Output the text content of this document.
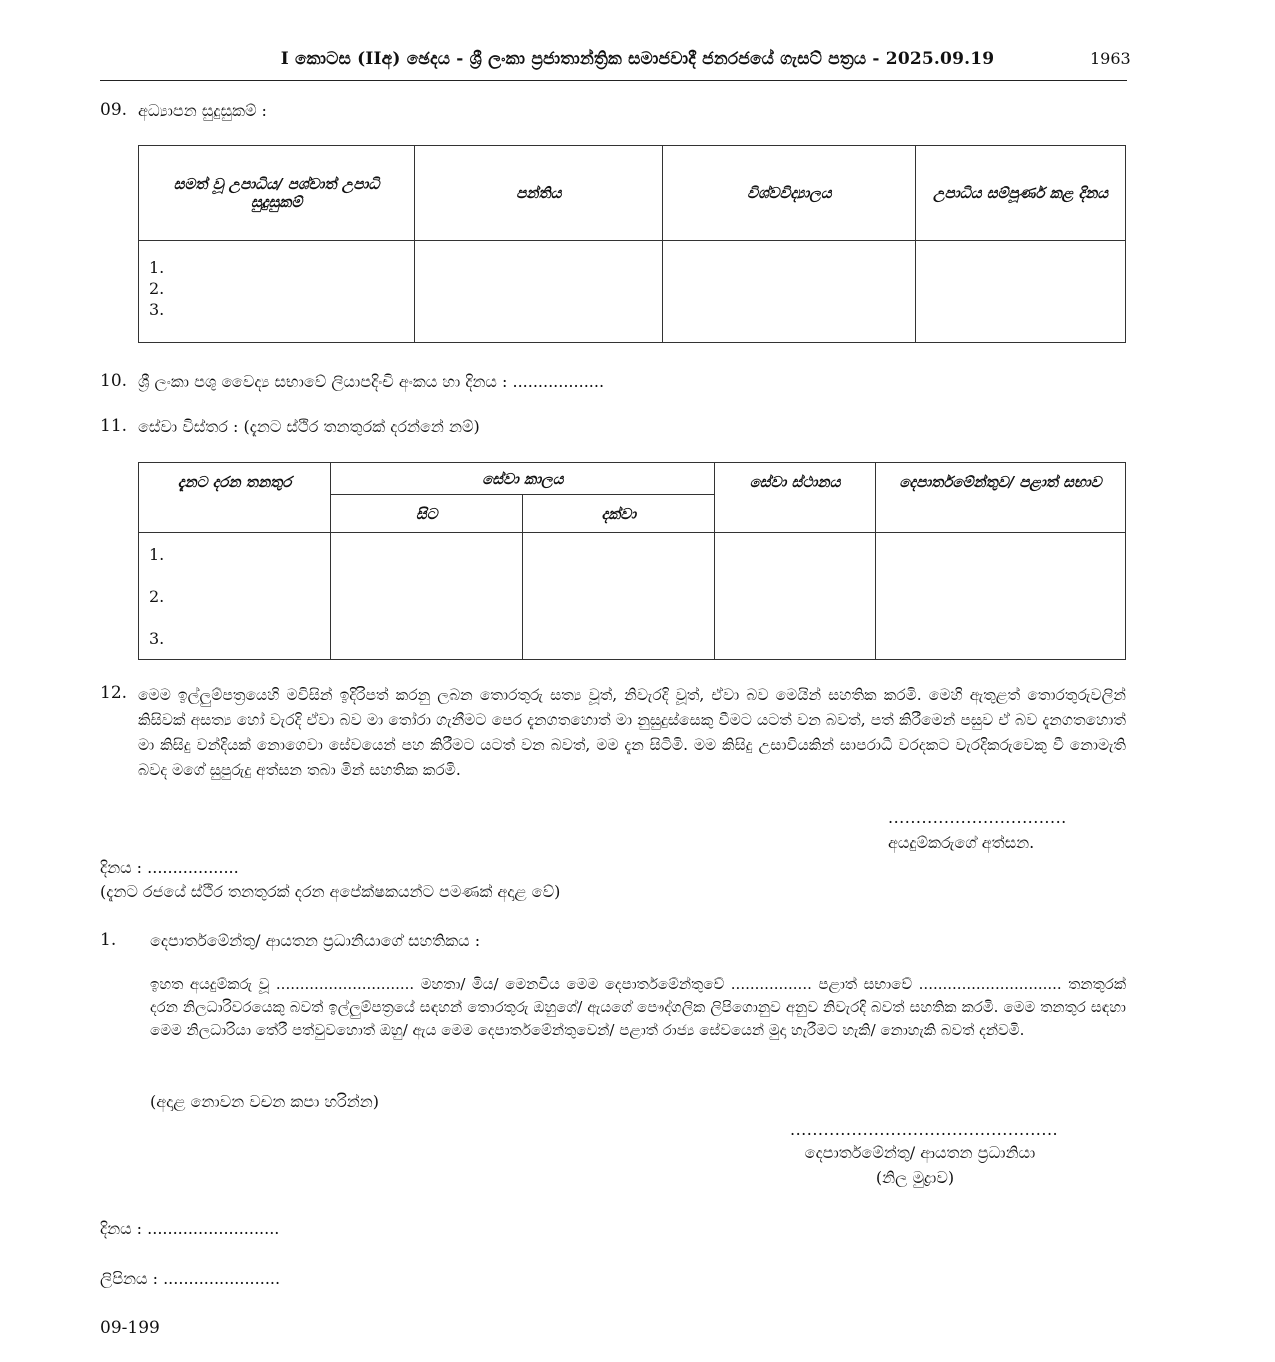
I කොටස (IIඅ) ඡෙදය - ශ්‍රී ලංකා ප්‍රජාතාන්ත්‍රික සමාජවාදී ජනරජයේ ගැසට් පත්‍රය - 2025.09.19	1963
09. අධ්‍යාපන සුදුසුකම් :
සමත් වූ උපාධිය/ පශ්චාත් උපාධි සුදුසුකම්	පන්තිය	විශ්වවිද්‍යාලය	උපාධිය සම්පූර්ණ කළ දිනය

1.
2.
3.			

10. ශ්‍රී ලංකා පශු වෛද්‍ය සභාවේ ලියාපදිංචි අංකය හා දිනය : ..................
11. සේවා විස්තර : (දැනට ස්ථිර තනතුරක් දරන්නේ නම්)
දැනට දරන තනතුර	සේවා කාලය		සේවා ස්ථානය	දෙපාර්තමේන්තුව/ පළාත් සභාව
	සිට	දක්වා		

1.
2.
3.				

12. මෙම ඉල්ලුම්පත්‍රයෙහි මවිසින් ඉදිරිපත් කරනු ලබන තොරතුරු සත්‍ය වූත්, නිවැරදි වූත්, ඒවා බව මෙයින් සහතික කරමි. මෙහි ඇතුළත් තොරතුරුවලින් කිසිවක් අසත්‍ය හෝ වැරදි ඒවා බව මා තෝරා ගැනීමට පෙර දැනගතහොත් මා නුසුදුස්සෙකු වීමට යටත් වන බවත්, පත් කිරීමෙන් පසුව ඒ බව දැනගතහොත් මා කිසිදු වන්දියක් නොගෙවා සේවයෙන් පහ කිරීමට යටත් වන බවත්, මම දැන සිටිමි. මම කිසිදු උසාවියකින් සාපරාධී වරදකට වැරදිකරුවෙකු වී නොමැති බවද මගේ සුපුරුදු අත්සන තබා මින් සහතික කරමි.
................................
අයදුම්කරුගේ අත්සන.
දිනය : ..................
(දැනට රජයේ ස්ථිර තනතුරක් දරන අපේක්ෂකයන්ට පමණක් අදාළ වේ)
1. දෙපාර්තමේන්තු/ ආයතන ප්‍රධානියාගේ සහතිකය :
ඉහත අයදුම්කරු වූ ............................. මහතා/ මිය/ මෙනවිය මෙම දෙපාර්තමේන්තුවේ ................. පළාත් සභාවේ .............................. තනතුරක් දරන නිලධාරිවරයෙකු බවත් ඉල්ලුම්පත්‍රයේ සඳහන් තොරතුරු ඔහුගේ/ ඇයගේ පෞද්ගලික ලිපිගොනුව අනුව නිවැරදි බවත් සහතික කරමි. මෙම තනතුර සඳහා මෙම නිලධාරියා තේරී පත්වුවහොත් ඔහු/ ඇය මෙම දෙපාර්තමේන්තුවෙන්/ පළාත් රාජ්‍ය සේවයෙන් මුදා හැරීමට හැකි/ නොහැකි බවත් දන්වමි.
(අදාළ නොවන වචන කපා හරින්න)
................................................
දෙපාර්තමේන්තු/ ආයතන ප්‍රධානියා
(නිල මුද්‍රාව)
දිනය : ..........................
ලිපිනය : .......................
09-199
